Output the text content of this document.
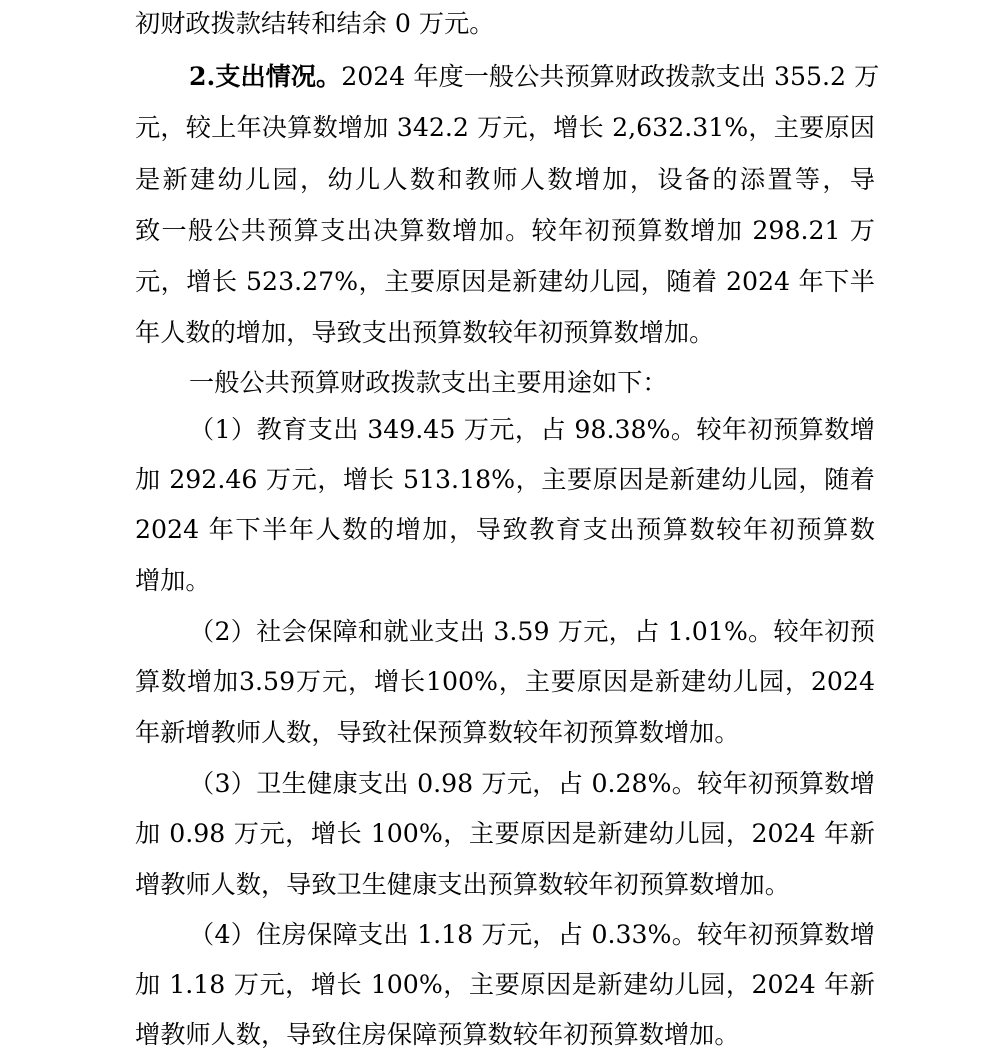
初财政拨款结转和结余 0 万元。
2.支出情况。2024 年度一般公共预算财政拨款支出 355.2 万
元，较上年决算数增加 342.2 万元，增长 2,632.31%，主要原因
是新建幼儿园，幼儿人数和教师人数增加，设备的添置等，导
致一般公共预算支出决算数增加。较年初预算数增加 298.21 万
元，增长 523.27%，主要原因是新建幼儿园，随着 2024 年下半
年人数的增加，导致支出预算数较年初预算数增加。
一般公共预算财政拨款支出主要用途如下：
（1）教育支出 349.45 万元，占 98.38%。较年初预算数增
加 292.46 万元，增长 513.18%，主要原因是新建幼儿园，随着
2024 年下半年人数的增加，导致教育支出预算数较年初预算数
增加。
（2）社会保障和就业支出 3.59 万元，占 1.01%。较年初预
算数增加3.59万元，增长100%，主要原因是新建幼儿园，2024
年新增教师人数，导致社保预算数较年初预算数增加。
（3）卫生健康支出 0.98 万元，占 0.28%。较年初预算数增
加 0.98 万元，增长 100%，主要原因是新建幼儿园，2024 年新
增教师人数，导致卫生健康支出预算数较年初预算数增加。
（4）住房保障支出 1.18 万元，占 0.33%。较年初预算数增
加 1.18 万元，增长 100%，主要原因是新建幼儿园，2024 年新
增教师人数，导致住房保障预算数较年初预算数增加。
